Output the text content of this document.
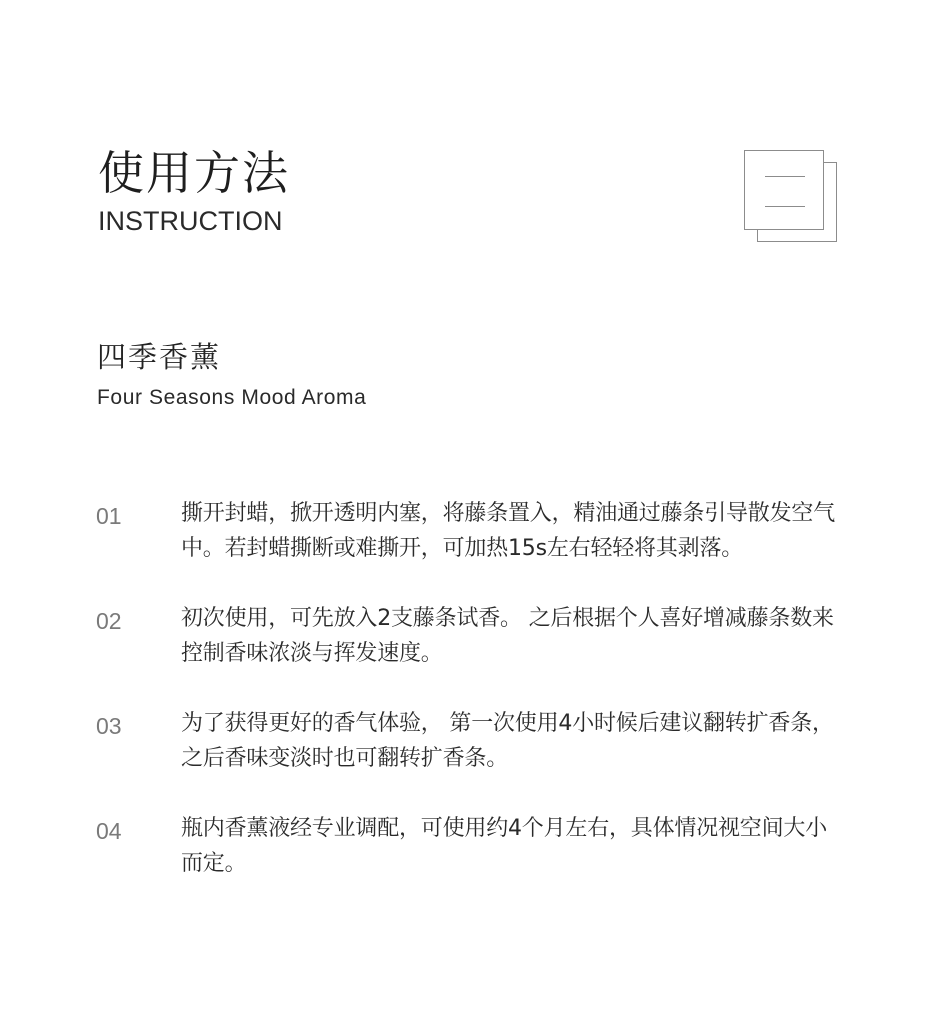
使用方法
INSTRUCTION
四季香薰
Four Seasons Mood Aroma
01	撕开封蜡，掀开透明内塞，将藤条置入，精油通过藤条引导散发空气中。若封蜡撕断或难撕开，可加热15s左右轻轻将其剥落。
02	初次使用，可先放入2支藤条试香。 之后根据个人喜好增减藤条数来控制香味浓淡与挥发速度。
03	为了获得更好的香气体验， 第一次使用4小时候后建议翻转扩香条，之后香味变淡时也可翻转扩香条。
04	瓶内香薰液经专业调配，可使用约4个月左右，具体情况视空间大小而定。
